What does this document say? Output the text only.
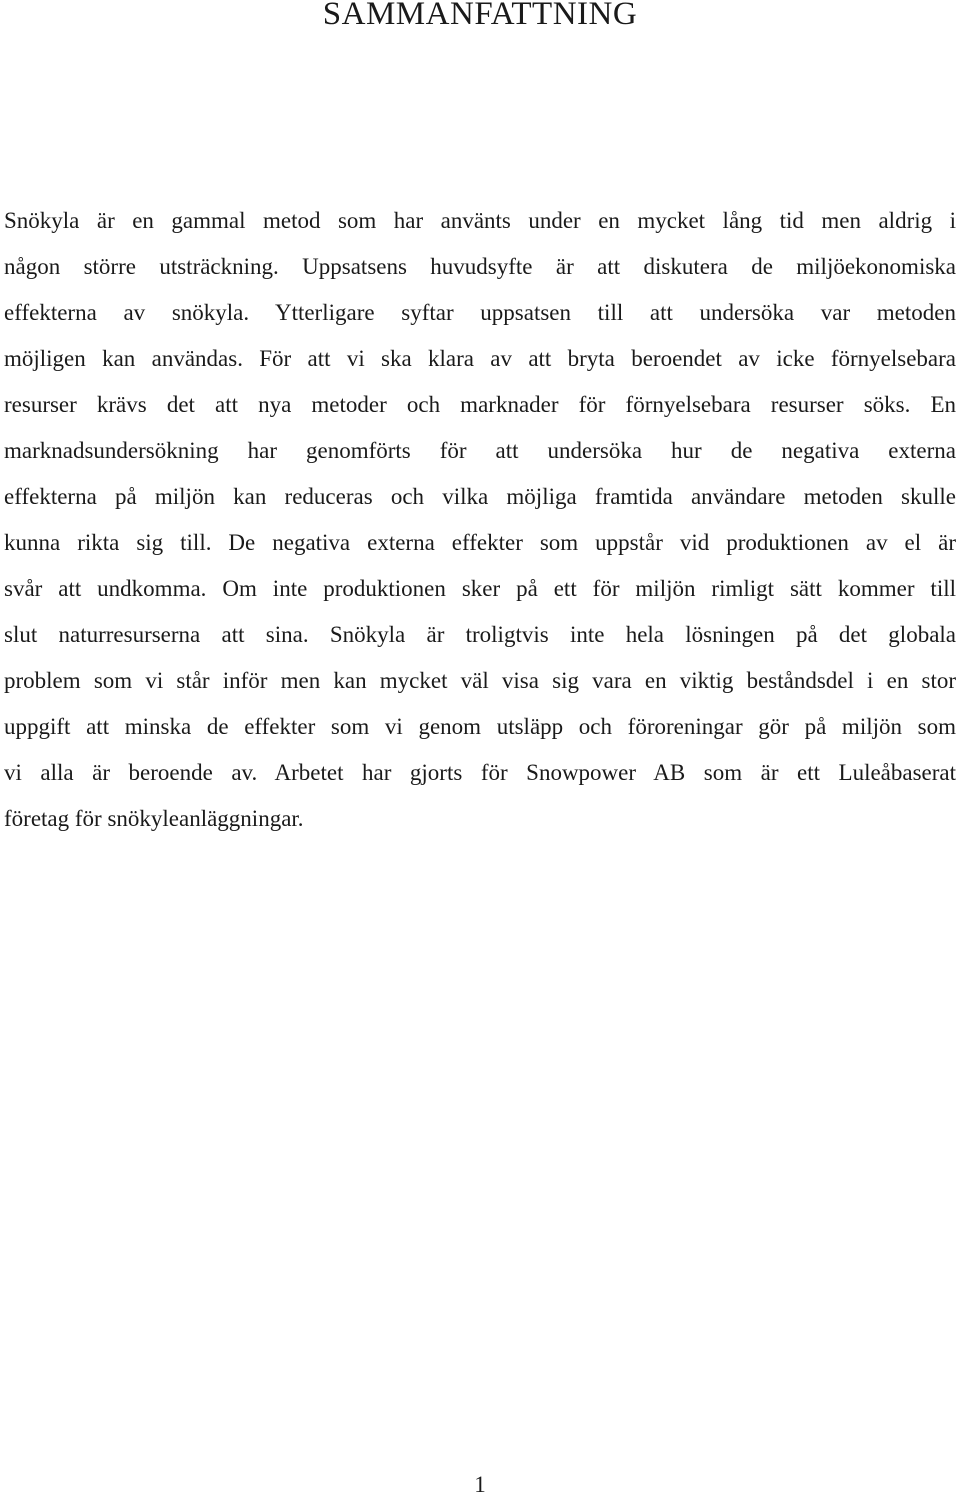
SAMMANFATTNING
Snökyla är en gammal metod som har använts under en mycket lång tid men aldrig i
någon större utsträckning. Uppsatsens huvudsyfte är att diskutera de miljöekonomiska
effekterna av snökyla. Ytterligare syftar uppsatsen till att undersöka var metoden
möjligen kan användas. För att vi ska klara av att bryta beroendet av icke förnyelsebara
resurser krävs det att nya metoder och marknader för förnyelsebara resurser söks. En
marknadsundersökning har genomförts för att undersöka hur de negativa externa
effekterna på miljön kan reduceras och vilka möjliga framtida användare metoden skulle
kunna rikta sig till. De negativa externa effekter som uppstår vid produktionen av el är
svår att undkomma. Om inte produktionen sker på ett för miljön rimligt sätt kommer till
slut naturresurserna att sina. Snökyla är troligtvis inte hela lösningen på det globala
problem som vi står inför men kan mycket väl visa sig vara en viktig beståndsdel i en stor
uppgift att minska de effekter som vi genom utsläpp och föroreningar gör på miljön som
vi alla är beroende av. Arbetet har gjorts för Snowpower AB som är ett Luleåbaserat
företag för snökyleanläggningar.
1
